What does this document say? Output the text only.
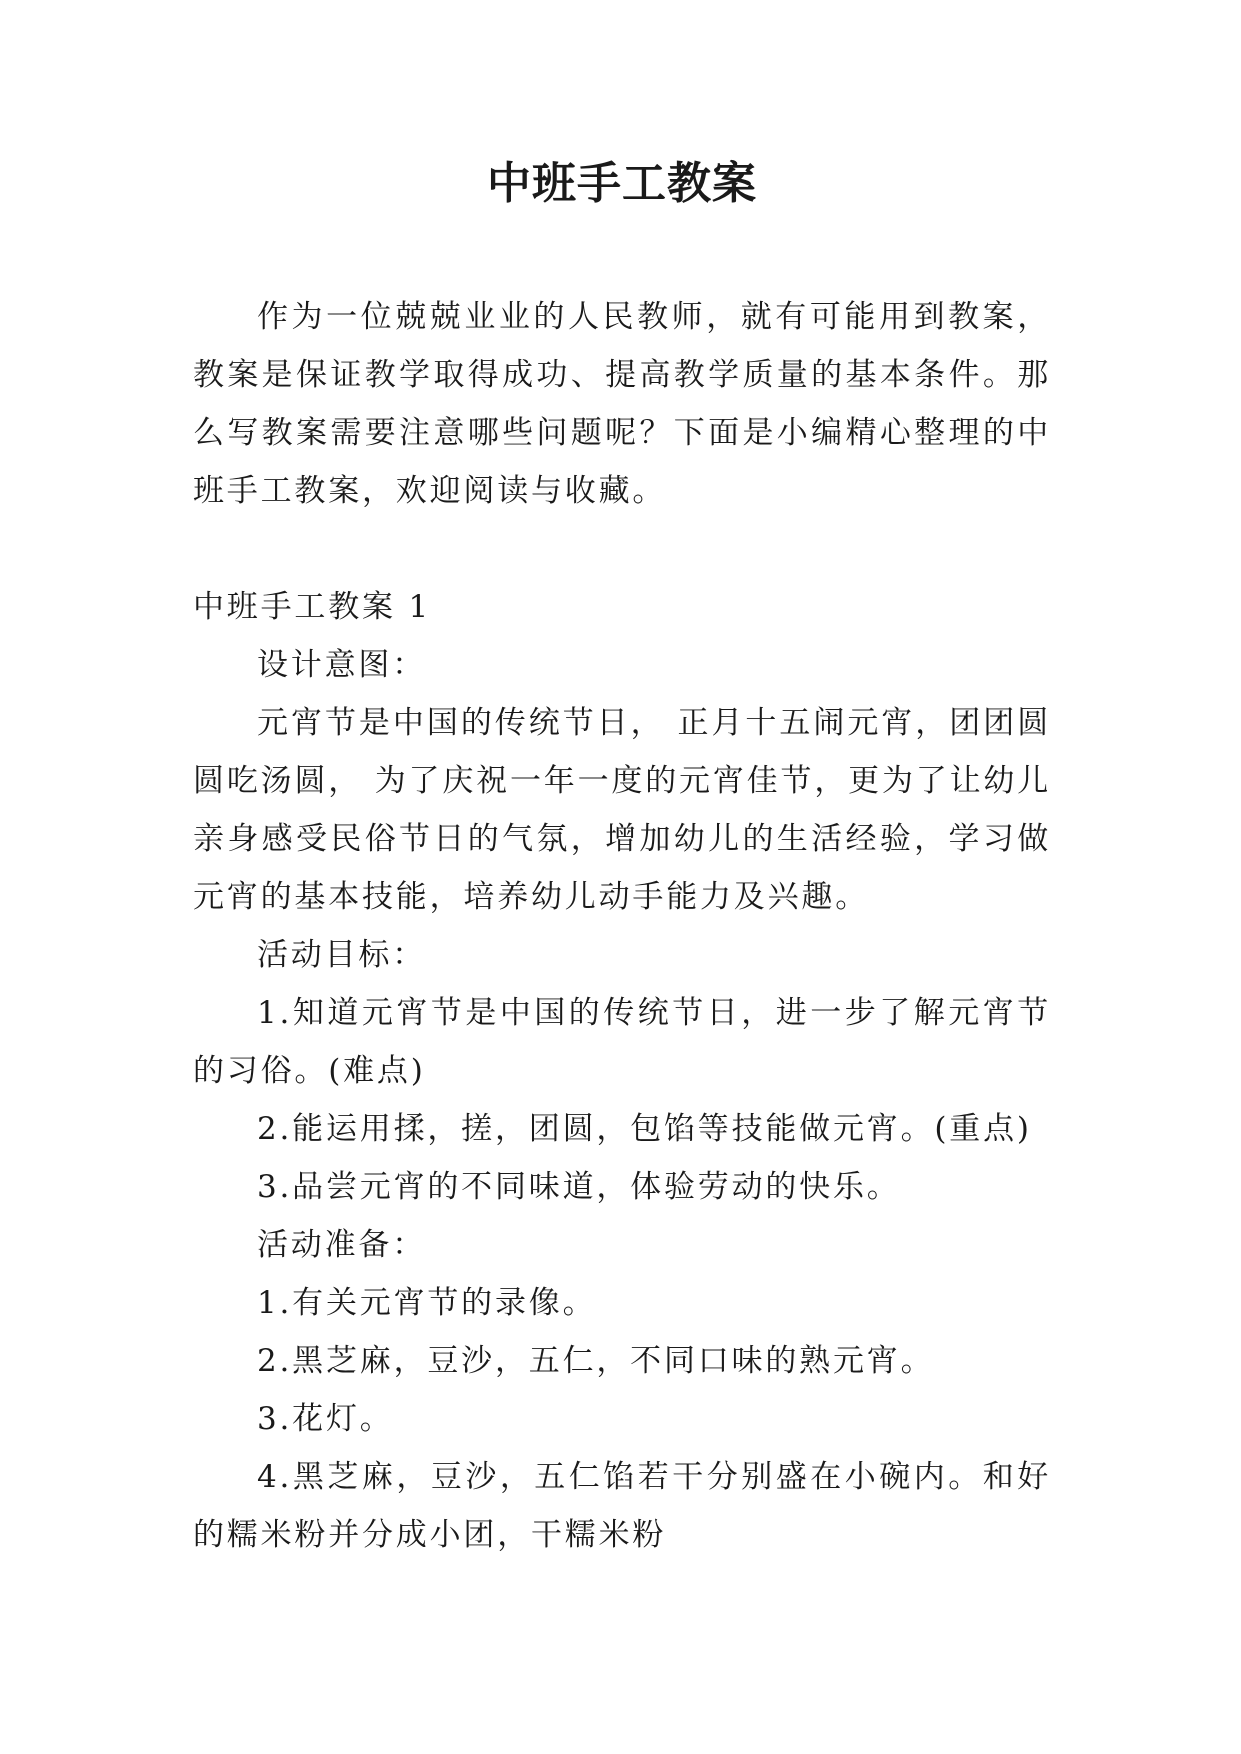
中班手工教案

作为一位兢兢业业的人民教师，就有可能用到教案，教案是保证教学取得成功、提高教学质量的基本条件。那么写教案需要注意哪些问题呢？下面是小编精心整理的中班手工教案，欢迎阅读与收藏。

中班手工教案 1

设计意图：

元宵节是中国的传统节日， 正月十五闹元宵，团团圆圆吃汤圆， 为了庆祝一年一度的元宵佳节，更为了让幼儿亲身感受民俗节日的气氛，增加幼儿的生活经验，学习做元宵的基本技能，培养幼儿动手能力及兴趣。

活动目标：

1.知道元宵节是中国的传统节日，进一步了解元宵节的习俗。(难点)

2.能运用揉，搓，团圆，包馅等技能做元宵。(重点)

3.品尝元宵的不同味道，体验劳动的快乐。

活动准备：

1.有关元宵节的录像。

2.黑芝麻，豆沙，五仁，不同口味的熟元宵。

3.花灯。

4.黑芝麻，豆沙，五仁馅若干分别盛在小碗内。和好的糯米粉并分成小团，干糯米粉
